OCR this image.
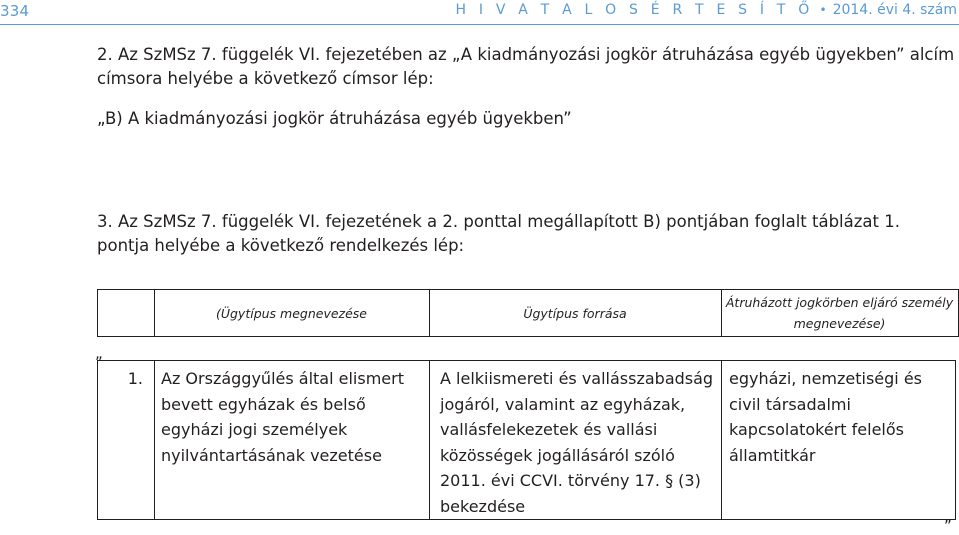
334	H I V A T A L O S É R T E S Í T Ő • 2014. évi 4. szám

2. Az SzMSz 7. függelék VI. fejezetében az „A kiadmányozási jogkör átruházása egyéb ügyekben” alcím címsora helyébe a következő címsor lép:

„B) A kiadmányozási jogkör átruházása egyéb ügyekben”

3. Az SzMSz 7. függelék VI. fejezetének a 2. ponttal megállapított B) pontjában foglalt táblázat 1. pontja helyébe a következő rendelkezés lép:

(Ügytípus megnevezése	Ügytípus forrása
Átruházott jogkörben eljáró személy megnevezése)
„

1. Az Országgyűlés által elismert bevett egyházak és belső egyházi jogi személyek nyilvántartásának vezetése

A lelkiismereti és vallásszabadság jogáról, valamint az egyházak, vallásfelekezetek és vallási közösségek jogállásáról szóló 2011. évi CCVI. törvény 17. § (3) bekezdése

egyházi, nemzetiségi és civil társadalmi kapcsolatokért felelős államtitkár

”
